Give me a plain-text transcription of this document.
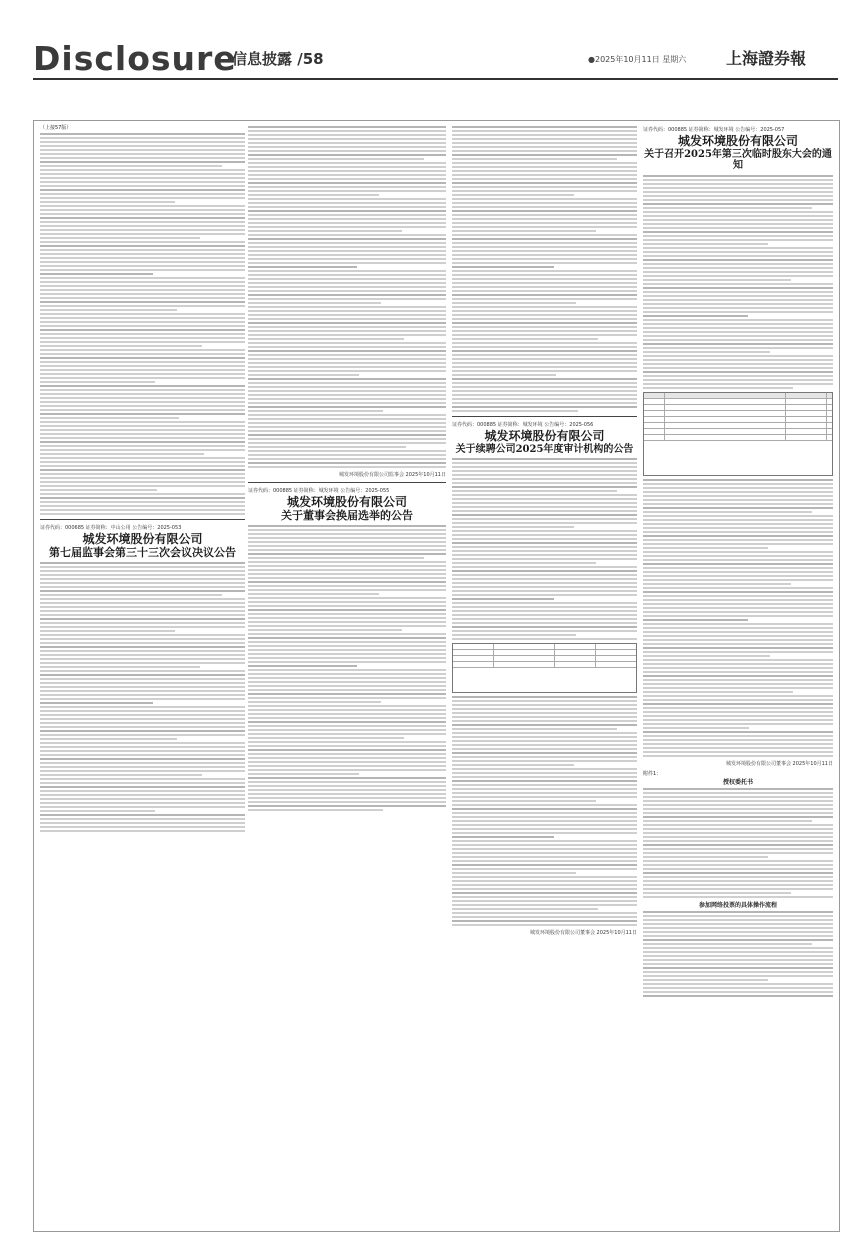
Disclosure
信息披露 /58	●2025年10月11日 星期六 上海證券報
（上接57版）
证券代码：000685 证券简称：中山公用 公告编号：2025-053
城发环境股份有限公司
第七届监事会第三十三次会议决议公告
城发环境股份有限公司监事会 2025年10月11日
证券代码：000885 证券简称：城发环境 公告编号：2025-055
城发环境股份有限公司
关于董事会换届选举的公告
证券代码：000885 证券简称：城发环境 公告编号：2025-056
城发环境股份有限公司
关于续聘公司2025年度审计机构的公告
城发环境股份有限公司董事会 2025年10月11日
证券代码：000885 证券简称：城发环境 公告编号：2025-057
城发环境股份有限公司
关于召开2025年第三次临时股东大会的通知
城发环境股份有限公司董事会 2025年10月11日
附件1：
授权委托书
参加网络投票的具体操作流程
